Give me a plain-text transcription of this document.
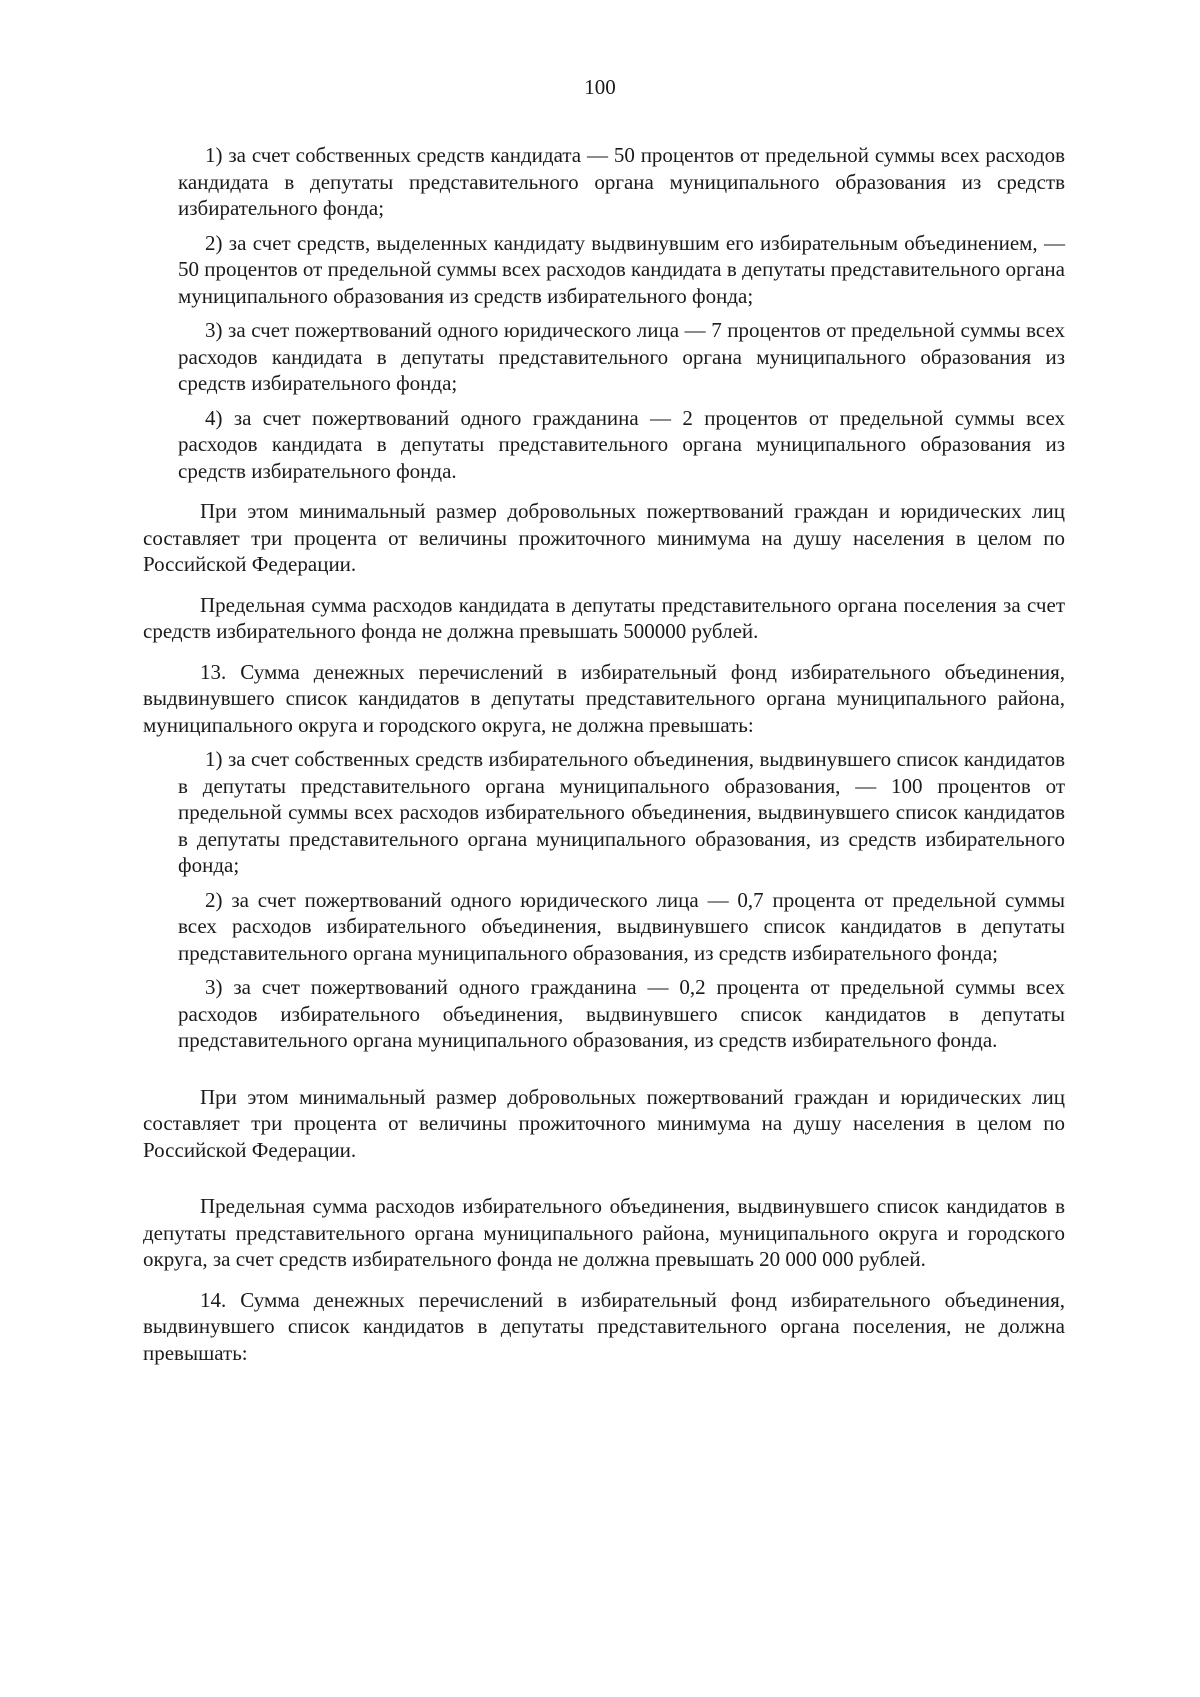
100

1) за счет собственных средств кандидата — 50 процентов от предельной суммы всех расходов кандидата в депутаты представительного органа муниципального образования из средств избирательного фонда;

2) за счет средств, выделенных кандидату выдвинувшим его избирательным объединением, — 50 процентов от предельной суммы всех расходов кандидата в депутаты представительного органа муниципального образования из средств избирательного фонда;

3) за счет пожертвований одного юридического лица — 7 процентов от предельной суммы всех расходов кандидата в депутаты представительного органа муниципального образования из средств избирательного фонда;

4) за счет пожертвований одного гражданина — 2 процентов от предельной суммы всех расходов кандидата в депутаты представительного органа муниципального образования из средств избирательного фонда.

При этом минимальный размер добровольных пожертвований граждан и юридических лиц составляет три процента от величины прожиточного минимума на душу населения в целом по Российской Федерации.

Предельная сумма расходов кандидата в депутаты представительного органа поселения за счет средств избирательного фонда не должна превышать 500000 рублей.

13. Сумма денежных перечислений в избирательный фонд избирательного объединения, выдвинувшего список кандидатов в депутаты представительного органа муниципального района, муниципального округа и городского округа, не должна превышать:

1) за счет собственных средств избирательного объединения, выдвинувшего список кандидатов в депутаты представительного органа муниципального образования, — 100 процентов от предельной суммы всех расходов избирательного объединения, выдвинувшего список кандидатов в депутаты представительного органа муниципального образования, из средств избирательного фонда;

2) за счет пожертвований одного юридического лица — 0,7 процента от предельной суммы всех расходов избирательного объединения, выдвинувшего список кандидатов в депутаты представительного органа муниципального образования, из средств избирательного фонда;

3) за счет пожертвований одного гражданина — 0,2 процента от предельной суммы всех расходов избирательного объединения, выдвинувшего список кандидатов в депутаты представительного органа муниципального образования, из средств избирательного фонда.

При этом минимальный размер добровольных пожертвований граждан и юридических лиц составляет три процента от величины прожиточного минимума на душу населения в целом по Российской Федерации.

Предельная сумма расходов избирательного объединения, выдвинувшего список кандидатов в депутаты представительного органа муниципального района, муниципального округа и городского округа, за счет средств избирательного фонда не должна превышать 20 000 000 рублей.

14. Сумма денежных перечислений в избирательный фонд избирательного объединения, выдвинувшего список кандидатов в депутаты представительного органа поселения, не должна превышать:
